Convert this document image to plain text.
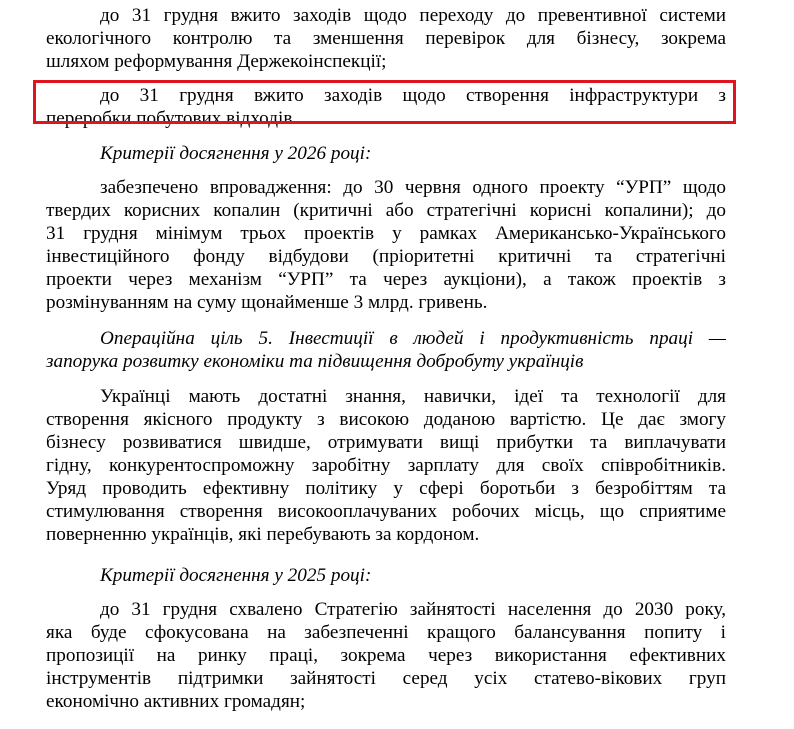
до 31 грудня вжито заходів щодо переходу до превентивної системи
екологічного контролю та зменшення перевірок для бізнесу, зокрема
шляхом реформування Держекоінспекції;

до 31 грудня вжито заходів щодо створення інфраструктури з
переробки побутових відходів.

Критерії досягнення у 2026 році:

забезпечено впровадження: до 30 червня одного проекту “УРП” щодо
твердих корисних копалин (критичні або стратегічні корисні копалини); до
31 грудня мінімум трьох проектів у рамках Американсько-Українського
інвестиційного фонду відбудови (пріоритетні критичні та стратегічні
проекти через механізм “УРП” та через аукціони), а також проектів з
розмінуванням на суму щонайменше 3 млрд. гривень.

Операційна ціль 5. Інвестиції в людей і продуктивність праці —
запорука розвитку економіки та підвищення добробуту українців

Українці мають достатні знання, навички, ідеї та технології для
створення якісного продукту з високою доданою вартістю. Це дає змогу
бізнесу розвиватися швидше, отримувати вищі прибутки та виплачувати
гідну, конкурентоспроможну заробітну зарплату для своїх співробітників.
Уряд проводить ефективну політику у сфері боротьби з безробіттям та
стимулювання створення високооплачуваних робочих місць, що сприятиме
поверненню українців, які перебувають за кордоном.

Критерії досягнення у 2025 році:

до 31 грудня схвалено Стратегію зайнятості населення до 2030 року,
яка буде сфокусована на забезпеченні кращого балансування попиту і
пропозиції на ринку праці, зокрема через використання ефективних
інструментів підтримки зайнятості серед усіх статево-вікових груп
економічно активних громадян;
